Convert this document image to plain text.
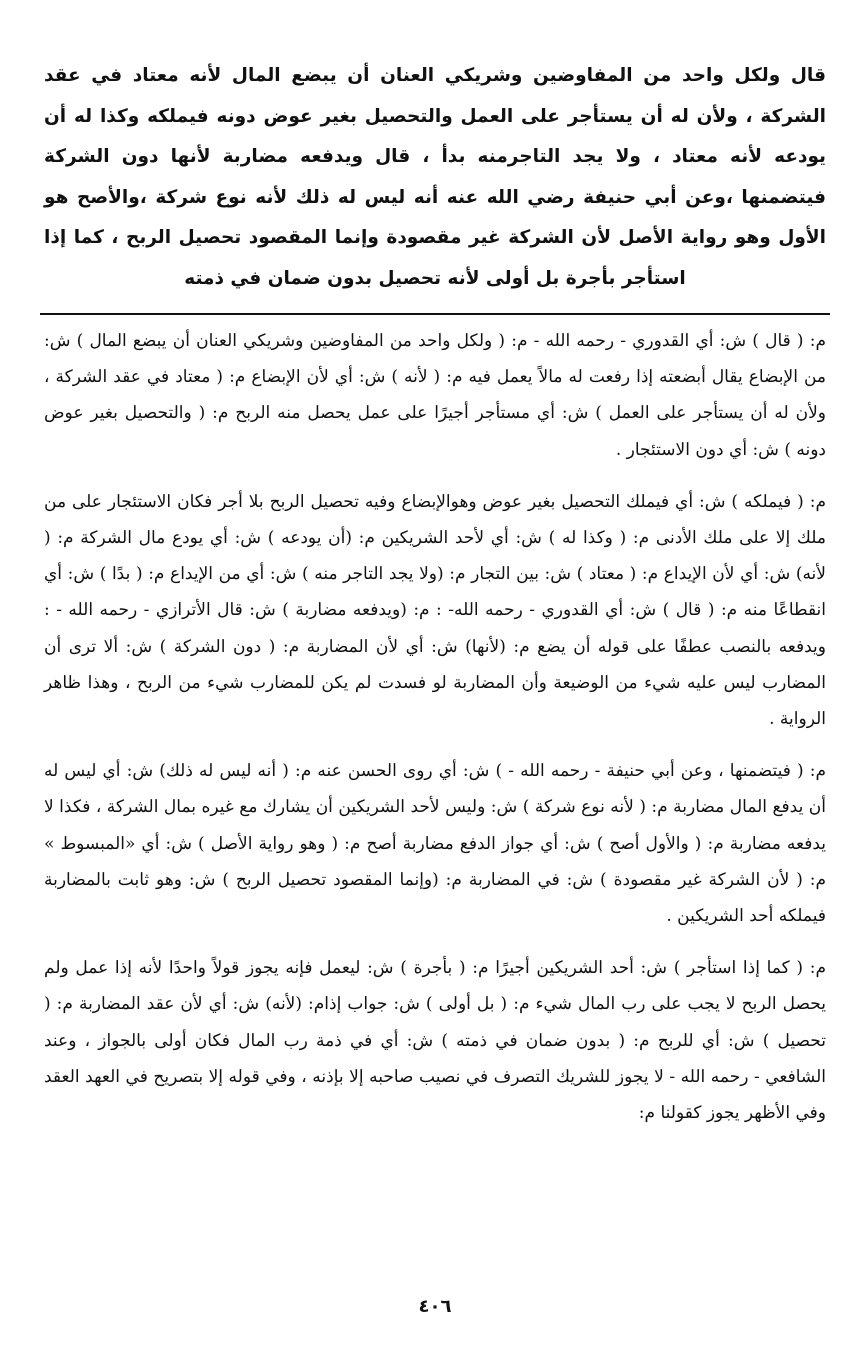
قال ولكل واحد من المفاوضين وشريكي العنان أن يبضع المال لأنه معتاد في عقد الشركة ، ولأن له أن يستأجر على العمل والتحصيل بغير عوض دونه فيملكه وكذا له أن يودعه لأنه معتاد ، ولا يجد التاجرمنه بدأ ، قال ويدفعه مضاربة لأنها دون الشركة فيتضمنها ،وعن أبي حنيفة رضي الله عنه أنه ليس له ذلك لأنه نوع شركة ،والأصح هو الأول وهو رواية الأصل لأن الشركة غير مقصودة وإنما المقصود تحصيل الربح ، كما إذا استأجر بأجرة بل أولى لأنه تحصيل بدون ضمان في ذمته

م: ( قال ) ش: أي القدوري - رحمه الله - م: ( ولكل واحد من المفاوضين وشريكي العنان أن يبضع المال ) ش: من الإبضاع يقال أبضعته إذا رفعت له مالاً يعمل فيه م: ( لأنه ) ش: أي لأن الإبضاع م: ( معتاد في عقد الشركة ، ولأن له أن يستأجر على العمل ) ش: أي مستأجر أجيرًا على عمل يحصل منه الربح م: ( والتحصيل بغير عوض دونه ) ش: أي دون الاستئجار .

م: ( فيملكه ) ش: أي فيملك التحصيل بغير عوض وهوالإبضاع وفيه تحصيل الربح بلا أجر فكان الاستئجار على من ملك إلا على ملك الأدنى م: ( وكذا له ) ش: أي لأحد الشريكين م: (أن يودعه ) ش: أي يودع مال الشركة م: ( لأنه) ش: أي لأن الإيداع م: ( معتاد ) ش: بين التجار م: (ولا يجد التاجر منه ) ش: أي من الإيداع م: ( بدًا ) ش: أي انقطاعًا منه م: ( قال ) ش: أي القدوري - رحمه الله- : م: (ويدفعه مضاربة ) ش: قال الأترازي - رحمه الله - : ويدفعه بالنصب عطفًا على قوله أن يضع م: (لأنها) ش: أي لأن المضاربة م: ( دون الشركة ) ش: ألا ترى أن المضارب ليس عليه شيء من الوضيعة وأن المضاربة لو فسدت لم يكن للمضارب شيء من الربح ، وهذا ظاهر الرواية .

م: ( فيتضمنها ، وعن أبي حنيفة - رحمه الله - ) ش: أي روى الحسن عنه م: ( أنه ليس له ذلك) ش: أي ليس له أن يدفع المال مضاربة م: ( لأنه نوع شركة ) ش: وليس لأحد الشريكين أن يشارك مع غيره بمال الشركة ، فكذا لا يدفعه مضاربة م: ( والأول أصح ) ش: أي جواز الدفع مضاربة أصح م: ( وهو رواية الأصل ) ش: أي «المبسوط » م: ( لأن الشركة غير مقصودة ) ش: في المضاربة م: (وإنما المقصود تحصيل الربح ) ش: وهو ثابت بالمضاربة فيملكه أحد الشريكين .

م: ( كما إذا استأجر ) ش: أحد الشريكين أجيرًا م: ( بأجرة ) ش: ليعمل فإنه يجوز قولاً واحدًا لأنه إذا عمل ولم يحصل الربح لا يجب على رب المال شيء م: ( بل أولى ) ش: جواب إذام: (لأنه) ش: أي لأن عقد المضاربة م: ( تحصيل ) ش: أي للربح م: ( بدون ضمان في ذمته ) ش: أي في ذمة رب المال فكان أولى بالجواز ، وعند الشافعي - رحمه الله - لا يجوز للشريك التصرف في نصيب صاحبه إلا بإذنه ، وفي قوله إلا بتصريح في العهد العقد وفي الأظهر يجوز كقولنا م:

٤٠٦
